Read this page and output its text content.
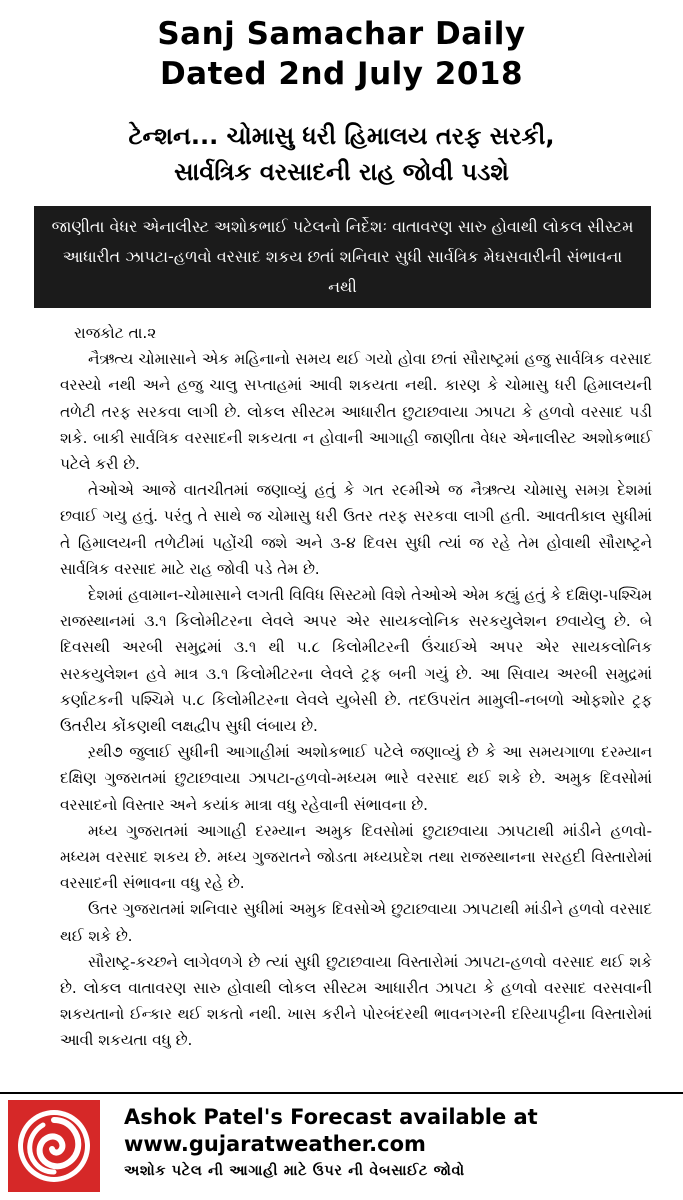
Sanj Samachar Daily
Dated 2nd July 2018
ટેન્શન... ચોમાસુ ધરી હિમાલય તરફ સરકી,
સાર્વત્રિક વરસાદની રાહ જોવી પડશે
જાણીતા વેધર એનાલીસ્ટ અશોકભાઈ પટેલનો નિર્દેશઃ વાતાવરણ સારુ હોવાથી લોકલ સીસ્ટમ આધારીત ઝાપટા-હળવો વરસાદ શકય છતાં શનિવાર સુધી સાર્વત્રિક મેઘસવારીની સંભાવના નથી

રાજકોટ તા.૨

નૈઋત્ય ચોમાસાને એક મહિનાનો સમય થઈ ગયો હોવા છતાં સૌરાષ્ટ્રમાં હજુ સાર્વત્રિક વરસાદ વરસ્યો નથી અને હજુ ચાલુ સપ્તાહમાં આવી શકયતા નથી. કારણ કે ચોમાસુ ધરી હિમાલયની તળેટી તરફ સરકવા લાગી છે. લોકલ સીસ્ટમ આધારીત છુટાછવાયા ઝાપટા કે હળવો વરસાદ પડી શકે. બાકી સાર્વત્રિક વરસાદની શકયતા ન હોવાની આગાહી જાણીતા વેધર એનાલીસ્ટ અશોકભાઈ પટેલે કરી છે.

તેઓએ આજે વાતચીતમાં જણાવ્યું હતું કે ગત ર૯મીએ જ નૈઋત્ય ચોમાસુ સમગ્ર દેશમાં છવાઈ ગયુ હતું. પરંતુ તે સાથે જ ચોમાસુ ધરી ઉતર તરફ સરકવા લાગી હતી. આવતીકાલ સુધીમાં તે હિમાલયની તળેટીમાં પહોંચી જશે અને ૩-૪ દિવસ સુધી ત્યાં જ રહે તેમ હોવાથી સૌરાષ્ટ્રને સાર્વત્રિક વરસાદ માટે રાહ જોવી પડે તેમ છે.

દેશમાં હવામાન-ચોમાસાને લગતી વિવિધ સિસ્ટમો વિશે તેઓએ એમ કહ્યું હતું કે દક્ષિણ-પશ્ચિમ રાજસ્થાનમાં ૩.૧ કિલોમીટરના લેવલે અપર એર સાયકલોનિક સરકયુલેશન છવાયેલુ છે. બે દિવસથી અરબી સમુદ્રમાં ૩.૧ થી ૫.૮ કિલોમીટરની ઉંચાઈએ અપર એર સાયકલોનિક સરકયુલેશન હવે માત્ર ૩.૧ કિલોમીટરના લેવલે ટ્રફ બની ગયું છે. આ સિવાય અરબી સમુદ્રમાં કર્ણાટકની પશ્ચિમે ૫.૮ કિલોમીટરના લેવલે યુબેસી છે. તદઉપરાંત મામુલી-નબળો ઓફશોર ટ્રફ ઉતરીય કોંકણથી લક્ષદ્વીપ સુધી લંબાય છે.

ર઼થી૭ જુલાઈ સુધીની આગાહીમાં અશોકભાઈ પટેલે જણાવ્યું છે કે આ સમયગાળા દરમ્યાન દક્ષિણ ગુજરાતમાં છુટાછવાયા ઝાપટા-હળવો-મધ્યમ ભારે વરસાદ થઈ શકે છે. અમુક દિવસોમાં વરસાદનો વિસ્તાર અને કયાંક માત્રા વધુ રહેવાની સંભાવના છે.

મધ્ય ગુજરાતમાં આગાહી દરમ્યાન અમુક દિવસોમાં છુટાછવાયા ઝાપટાથી માંડીને હળવો-મધ્યમ વરસાદ શકય છે. મધ્ય ગુજરાતને જોડતા મધ્યપ્રદેશ તથા રાજસ્થાનના સરહદી વિસ્તારોમાં વરસાદની સંભાવના વધુ રહે છે.

ઉતર ગુજરાતમાં શનિવાર સુધીમાં અમુક દિવસોએ છુટાછવાયા ઝાપટાથી માંડીને હળવો વરસાદ થઈ શકે છે.

સૌરાષ્ટ્ર-કચ્છને લાગેવળગે છે ત્યાં સુધી છુટાછવાયા વિસ્તારોમાં ઝાપટા-હળવો વરસાદ થઈ શકે છે. લોકલ વાતાવરણ સારુ હોવાથી લોકલ સીસ્ટમ આધારીત ઝાપટા કે હળવો વરસાદ વરસવાની શકયતાનો ઈન્કાર થઈ શકતો નથી. ખાસ કરીને પોરબંદરથી ભાવનગરની દરિયાપટ્ટીના વિસ્તારોમાં આવી શકયતા વધુ છે.

Ashok Patel's Forecast available at
www.gujaratweather.com
અશોક પટેલ ની આગાહી માટે ઉપર ની વેબસાઈટ જોવો
